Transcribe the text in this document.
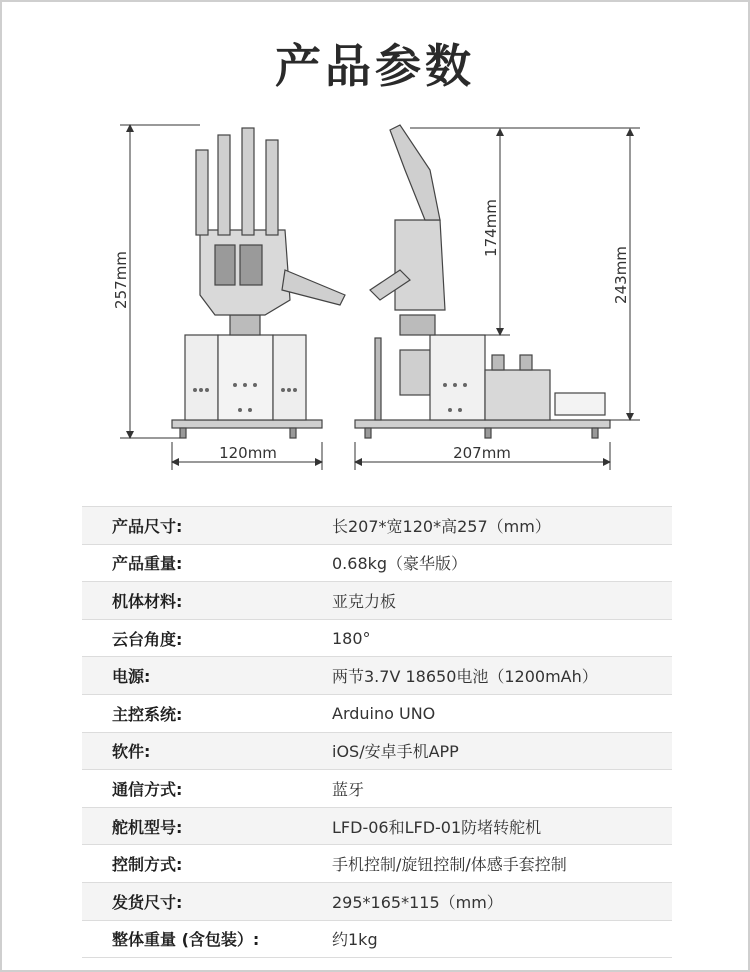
产品参数
257mm
120mm
174mm
243mm
207mm
产品尺寸:	长207*宽120*高257（mm）
产品重量:	0.68kg（豪华版）
机体材料:	亚克力板
云台角度:	180°
电源:	两节3.7V 18650电池（1200mAh）
主控系统:	Arduino UNO
软件:	iOS/安卓手机APP
通信方式:	蓝牙
舵机型号:	LFD-06和LFD-01防堵转舵机
控制方式:	手机控制/旋钮控制/体感手套控制
发货尺寸:	295*165*115（mm）
整体重量 (含包装）:	约1kg
